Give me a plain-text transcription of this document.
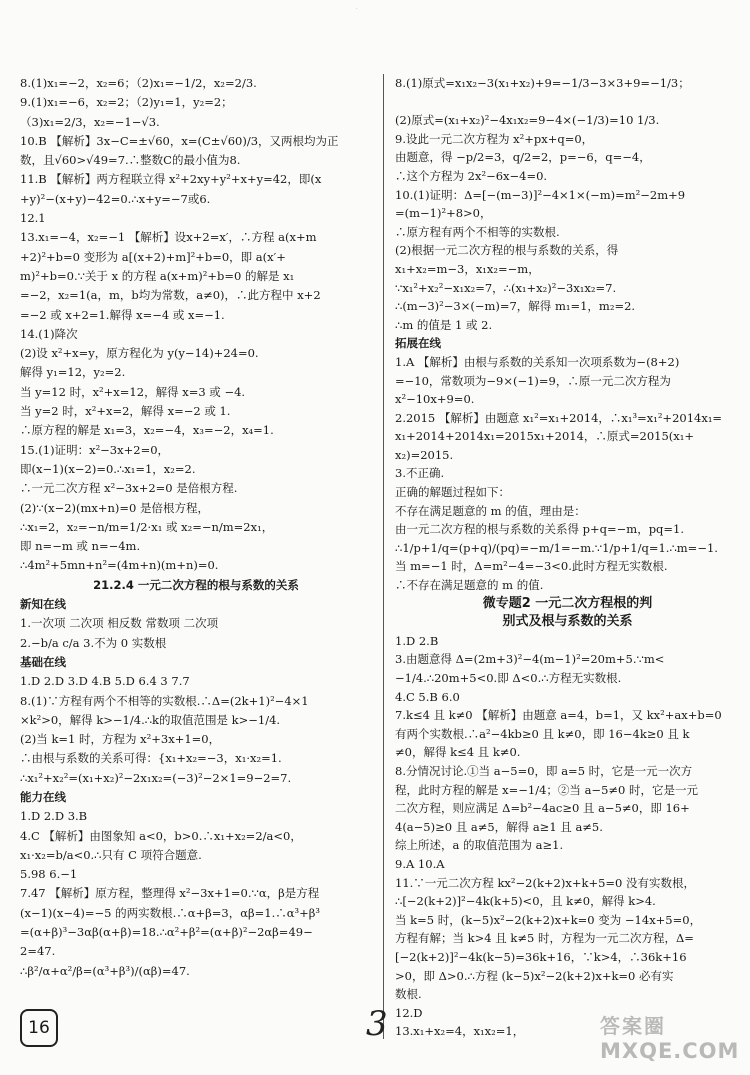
·
8.(1)x₁=−2，x₂=6；（2)x₁=−1/2，x₂=2/3.
9.(1)x₁=−6，x₂=2；（2)y₁=1，y₂=2；
（3)x₁=2/3，x₂=−1−√3.
10.B 【解析】3x−C=±√60，x=(C±√60)/3，又两根均为正
数，且√60>√49=7.∴整数C的最小值为8.
11.B 【解析】两方程联立得 x²+2xy+y²+x+y=42，即(x
+y)²−(x+y)−42=0.∴x+y=−7或6.
12.1
13.x₁=−4，x₂=−1 【解析】设x+2=x′，∴方程 a(x+m
+2)²+b=0 变形为 a[(x+2)+m]²+b=0，即 a(x′+
m)²+b=0.∵关于 x 的方程 a(x+m)²+b=0 的解是 x₁
=−2，x₂=1(a，m，b均为常数，a≠0)，∴此方程中 x+2
=−2 或 x+2=1.解得 x=−4 或 x=−1.
14.(1)降次
(2)设 x²+x=y，原方程化为 y(y−14)+24=0.
解得 y₁=12，y₂=2.
当 y=12 时，x²+x=12，解得 x=3 或 −4.
当 y=2 时，x²+x=2，解得 x=−2 或 1.
∴原方程的解是 x₁=3，x₂=−4，x₃=−2，x₄=1.
15.(1)证明：x²−3x+2=0，
即(x−1)(x−2)=0.∴x₁=1，x₂=2.
∴一元二次方程 x²−3x+2=0 是倍根方程.
(2)∵(x−2)(mx+n)=0 是倍根方程，
∴x₁=2，x₂=−n/m=1/2·x₁ 或 x₂=−n/m=2x₁，
即 n=−m 或 n=−4m.
∴4m²+5mn+n²=(4m+n)(m+n)=0.
21.2.4 一元二次方程的根与系数的关系
新知在线
1.一次项 二次项 相反数 常数项 二次项
2.−b/a c/a 3.不为 0 实数根
基础在线
1.D 2.D 3.D 4.B 5.D 6.4 3 7.7
8.(1)∵方程有两个不相等的实数根.∴Δ=(2k+1)²−4×1
×k²>0，解得 k>−1/4.∴k的取值范围是 k>−1/4.
(2)当 k=1 时，方程为 x²+3x+1=0，
∴由根与系数的关系可得：{x₁+x₂=−3，x₁·x₂=1.
∴x₁²+x₂²=(x₁+x₂)²−2x₁x₂=(−3)²−2×1=9−2=7.
能力在线
1.D 2.D 3.B
4.C 【解析】由图象知 a<0，b>0.∴x₁+x₂=2/a<0，
x₁·x₂=b/a<0.∴只有 C 项符合题意.
5.98 6.−1
7.47 【解析】原方程，整理得 x²−3x+1=0.∵α，β是方程
(x−1)(x−4)=−5 的两实数根.∴α+β=3，αβ=1.∴α³+β³
=(α+β)³−3αβ(α+β)=18.∴α²+β²=(α+β)²−2αβ=49−
2=47.
∴β²/α+α²/β=(α³+β³)/(αβ)=47.
8.(1)原式=x₁x₂−3(x₁+x₂)+9=−1/3−3×3+9=−1/3；
(2)原式=(x₁+x₂)²−4x₁x₂=9−4×(−1/3)=10 1/3.
9.设此一元二次方程为 x²+px+q=0，
由题意，得 −p/2=3，q/2=2，p=−6，q=−4，
∴这个方程为 2x²−6x−4=0.
10.(1)证明：Δ=[−(m−3)]²−4×1×(−m)=m²−2m+9
=(m−1)²+8>0，
∴原方程有两个不相等的实数根.
(2)根据一元二次方程的根与系数的关系，得
x₁+x₂=m−3，x₁x₂=−m，
∵x₁²+x₂²−x₁x₂=7，∴(x₁+x₂)²−3x₁x₂=7.
∴(m−3)²−3×(−m)=7，解得 m₁=1，m₂=2.
∴m 的值是 1 或 2.
拓展在线
1.A 【解析】由根与系数的关系知一次项系数为−(8+2)
=−10，常数项为−9×(−1)=9，∴原一元二次方程为
x²−10x+9=0.
2.2015 【解析】由题意 x₁²=x₁+2014，∴x₁³=x₁²+2014x₁=
x₁+2014+2014x₁=2015x₁+2014，∴原式=2015(x₁+
x₂)=2015.
3.不正确.
正确的解题过程如下：
不存在满足题意的 m 的值，理由是：
由一元二次方程的根与系数的关系得 p+q=−m，pq=1.
∴1/p+1/q=(p+q)/(pq)=−m/1=−m.∵1/p+1/q=1.∴m=−1.
当 m=−1 时，Δ=m²−4=−3<0.此时方程无实数根.
∴不存在满足题意的 m 的值.
微专题2 一元二次方程根的判
别式及根与系数的关系
1.D 2.B
3.由题意得 Δ=(2m+3)²−4(m−1)²=20m+5.∵m<
−1/4.∴20m+5<0.即 Δ<0.∴方程无实数根.
4.C 5.B 6.0
7.k≤4 且 k≠0 【解析】由题意 a=4，b=1，又 kx²+ax+b=0
有两个实数根.∴a²−4kb≥0 且 k≠0，即 16−4k≥0 且 k
≠0，解得 k≤4 且 k≠0.
8.分情况讨论.①当 a−5=0，即 a=5 时，它是一元一次方
程，此时方程的解是 x=−1/4；②当 a−5≠0 时，它是一元
二次方程，则应满足 Δ=b²−4ac≥0 且 a−5≠0，即 16+
4(a−5)≥0 且 a≠5，解得 a≥1 且 a≠5.
综上所述，a 的取值范围为 a≥1.
9.A 10.A
11.∵一元二次方程 kx²−2(k+2)x+k+5=0 没有实数根，
∴[−2(k+2)]²−4k(k+5)<0，且 k≠0，解得 k>4.
当 k=5 时，(k−5)x²−2(k+2)x+k=0 变为 −14x+5=0，
方程有解；当 k>4 且 k≠5 时，方程为一元二次方程，Δ=
[−2(k+2)]²−4k(k−5)=36k+16，∵k>4，∴36k+16
>0，即 Δ>0.∴方程 (k−5)x²−2(k+2)x+k=0 必有实
数根.
12.D
13.x₁+x₂=4，x₁x₂=1，
16	3	答案圈
MXQE.COM
